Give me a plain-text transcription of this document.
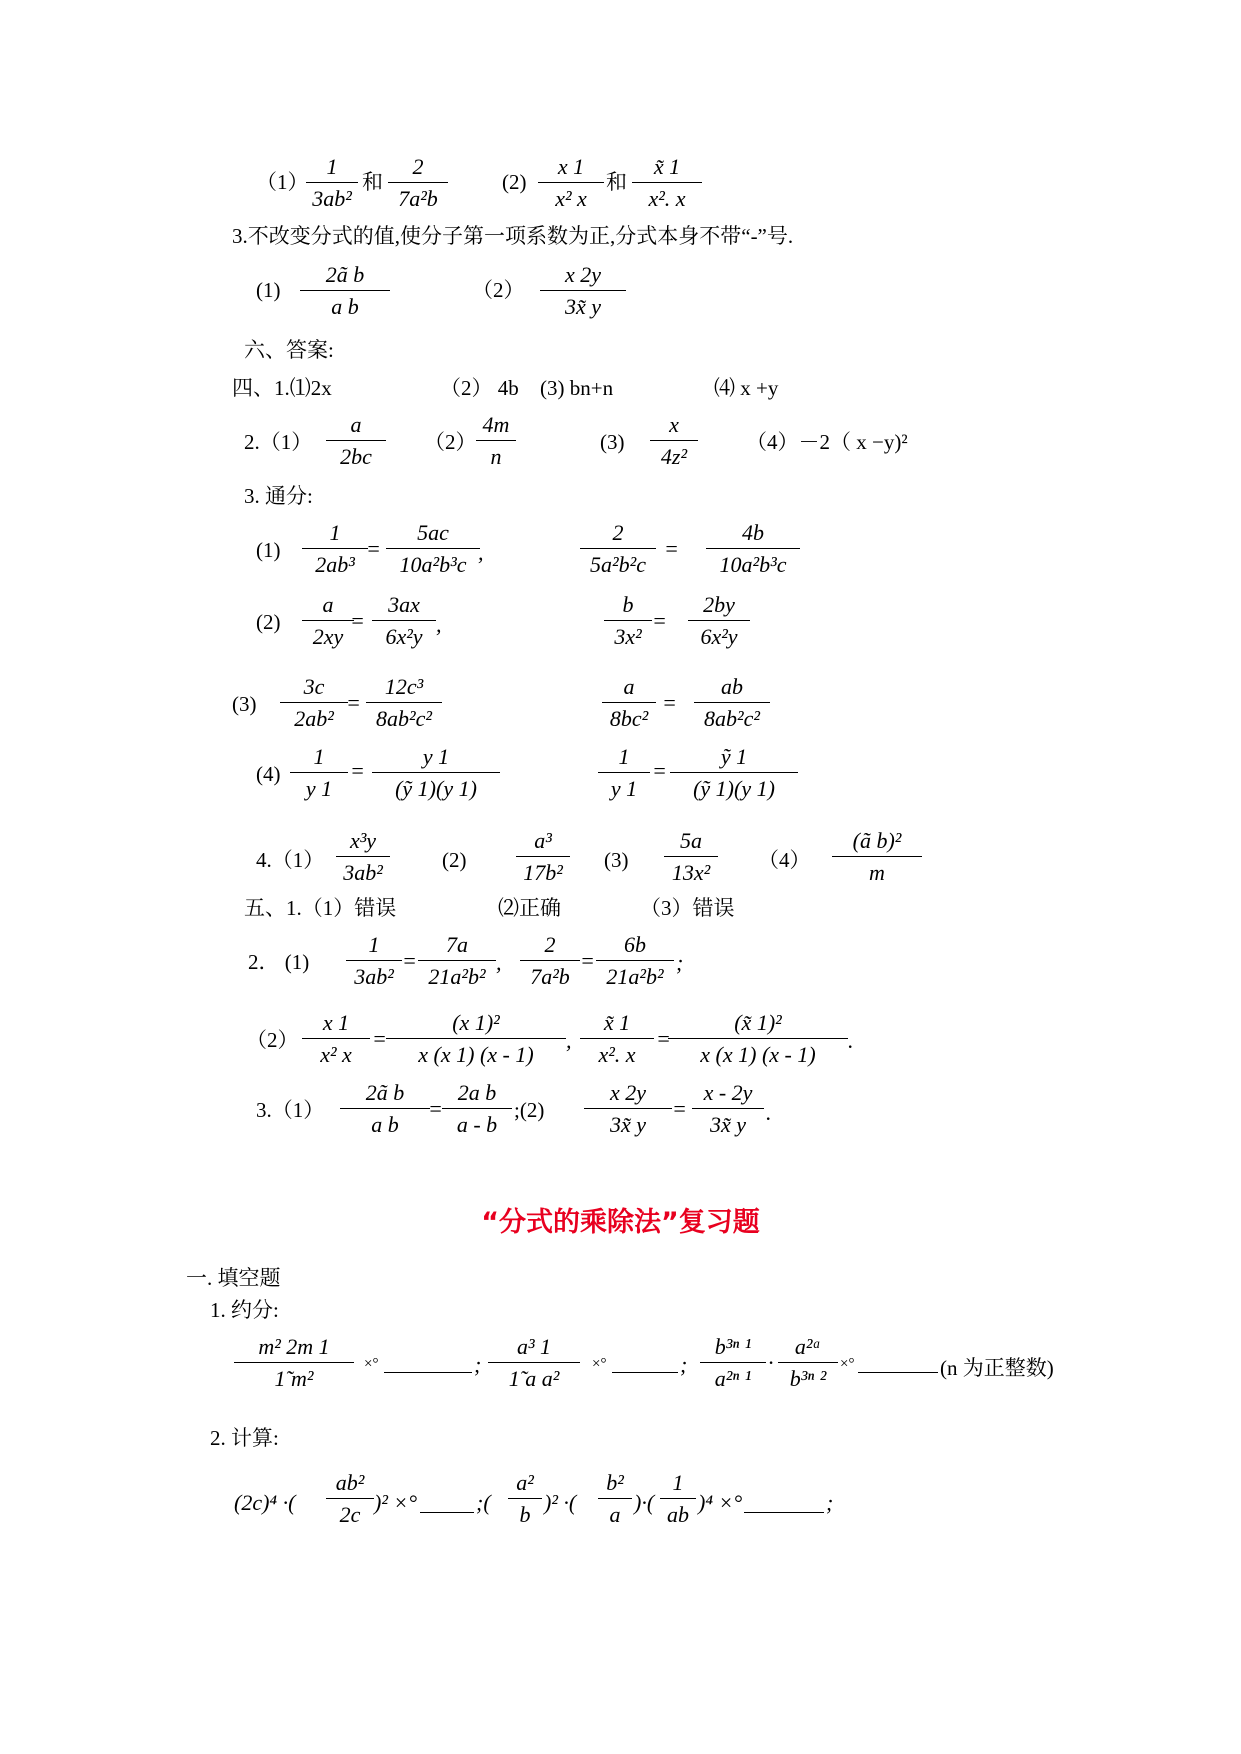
（1）
1
3ab²
和
2
7a²b
(2)
x 1
x² x
和
x̃ 1
x². x
3.不改变分式的值,使分子第一项系数为正,分式本身不带“-”号.
(1)
2ã b
a b
（2）
x 2y
3x̃ y
六、答案:
四、1.⑴2x	（2） 4b (3) bn+n	⑷ x +y
2.（1）
a
2bc
（2）
4m
n
(3)
x
4z²
（4）－2（ x −y)²
3. 通分:
(1)
1
2ab³
=
5ac
10a²b³c ,
2
5a²b²c
=
4b
10a²b³c
(2)
a
2xy
=
3ax
6x²y ,
b
3x²
=
2by
6x²y
(3)
3c
2ab²
=
12c³
8ab²c²
a
8bc²
=
ab
8ab²c²
(4)
1
y 1
=
y 1
(ỹ 1)(y 1)
1
y 1
=
ỹ 1
(ỹ 1)(y 1)
4.（1）
x³y
3ab²	(2)
a³
17b² (3)
5a
13x² （4）
(ã b)²
m
五、1.（1）错误	⑵正确	（3）错误
2． (1)
1
3ab²
=
7a
21a²b²
,
2
7a²b
=
6b
21a²b²
;
（2）
x 1
x² x
=
(x 1)²
x (x 1) (x - 1)
,
x̃ 1
x². x
=
(x̃ 1)²
x (x 1) (x - 1)
.
3.（1）
2ã b
a b
=
2a b
a - b
;(2)
x 2y
3x̃ y
=
x - 2y
3x̃ y .
“分式的乘除法”复习题
一. 填空题
1. 约分:
m² 2m 1
1̃ m²
×°	;
a³ 1
1̃ a a²
×°	;
b³ⁿ ¹
a²ⁿ ¹
·
a²ᵃ
b³ⁿ ²
×°	(n 为正整数)
2. 计算:
(2c)⁴ ·(
ab²
2c )² ×°	;(
a²
b )² ·(
b²
a )·(
1
ab )⁴ ×°	;
